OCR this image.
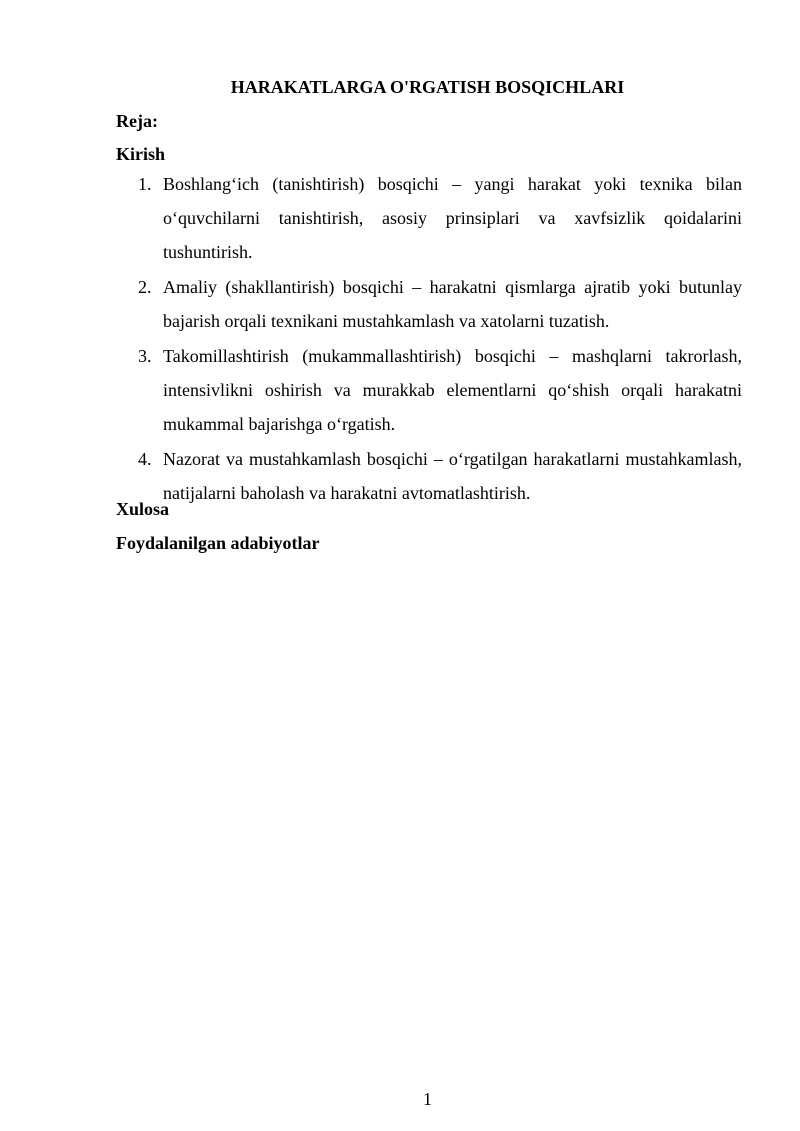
HARAKATLARGA O'RGATISH BOSQICHLARI
Reja:
Kirish
1. Boshlang‘ich (tanishtirish) bosqichi – yangi harakat yoki texnika bilan o‘quvchilarni tanishtirish, asosiy prinsiplari va xavfsizlik qoidalarini tushuntirish.
2. Amaliy (shakllantirish) bosqichi – harakatni qismlarga ajratib yoki butunlay bajarish orqali texnikani mustahkamlash va xatolarni tuzatish.
3. Takomillashtirish (mukammallashtirish) bosqichi – mashqlarni takrorlash, intensivlikni oshirish va murakkab elementlarni qo‘shish orqali harakatni mukammal bajarishga o‘rgatish.
4. Nazorat va mustahkamlash bosqichi – o‘rgatilgan harakatlarni mustahkamlash, natijalarni baholash va harakatni avtomatlashtirish.
Xulosa
Foydalanilgan adabiyotlar
1
